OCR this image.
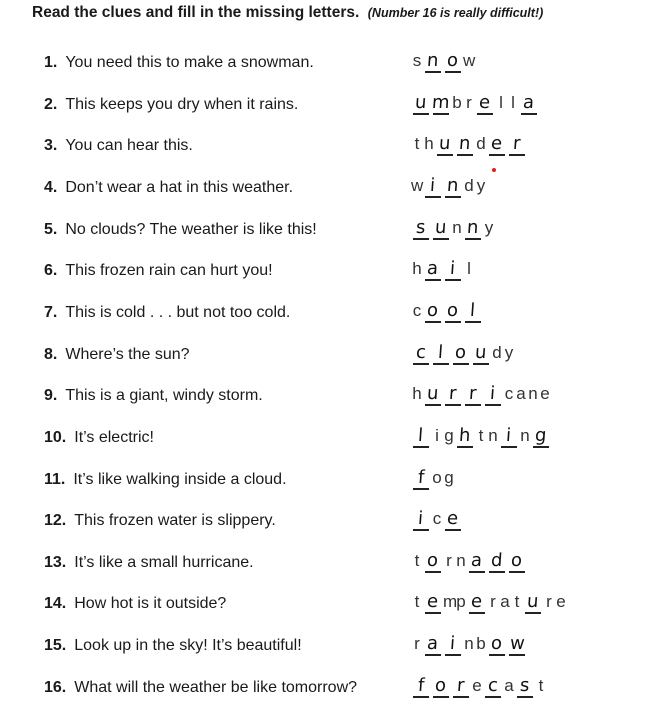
Read the clues and fill in the missing letters. (Number 16 is really difficult!)
1. You need this to make a snowman.	s n o w
2. This keeps you dry when it rains.	u m b r e l l a
3. You can hear this.	t h u n d e r
4. Don’t wear a hat in this weather.	w i n d y
5. No clouds? The weather is like this!	s u n n y
6. This frozen rain can hurt you!	h a i l
7. This is cold . . . but not too cold.	c o o l
8. Where’s the sun?	c l o u d y
9. This is a giant, windy storm.	h u r r i c a n e
10. It’s electric!	l i g h t n i n g
11. It’s like walking inside a cloud.	f o g
12. This frozen water is slippery.	i c e
13. It’s like a small hurricane.	t o r n a d o
14. How hot is it outside?	t e mp e r a t u r e
15. Look up in the sky! It’s beautiful!	r a i n b o w
16. What will the weather be like tomorrow?	f o r e c a s t
